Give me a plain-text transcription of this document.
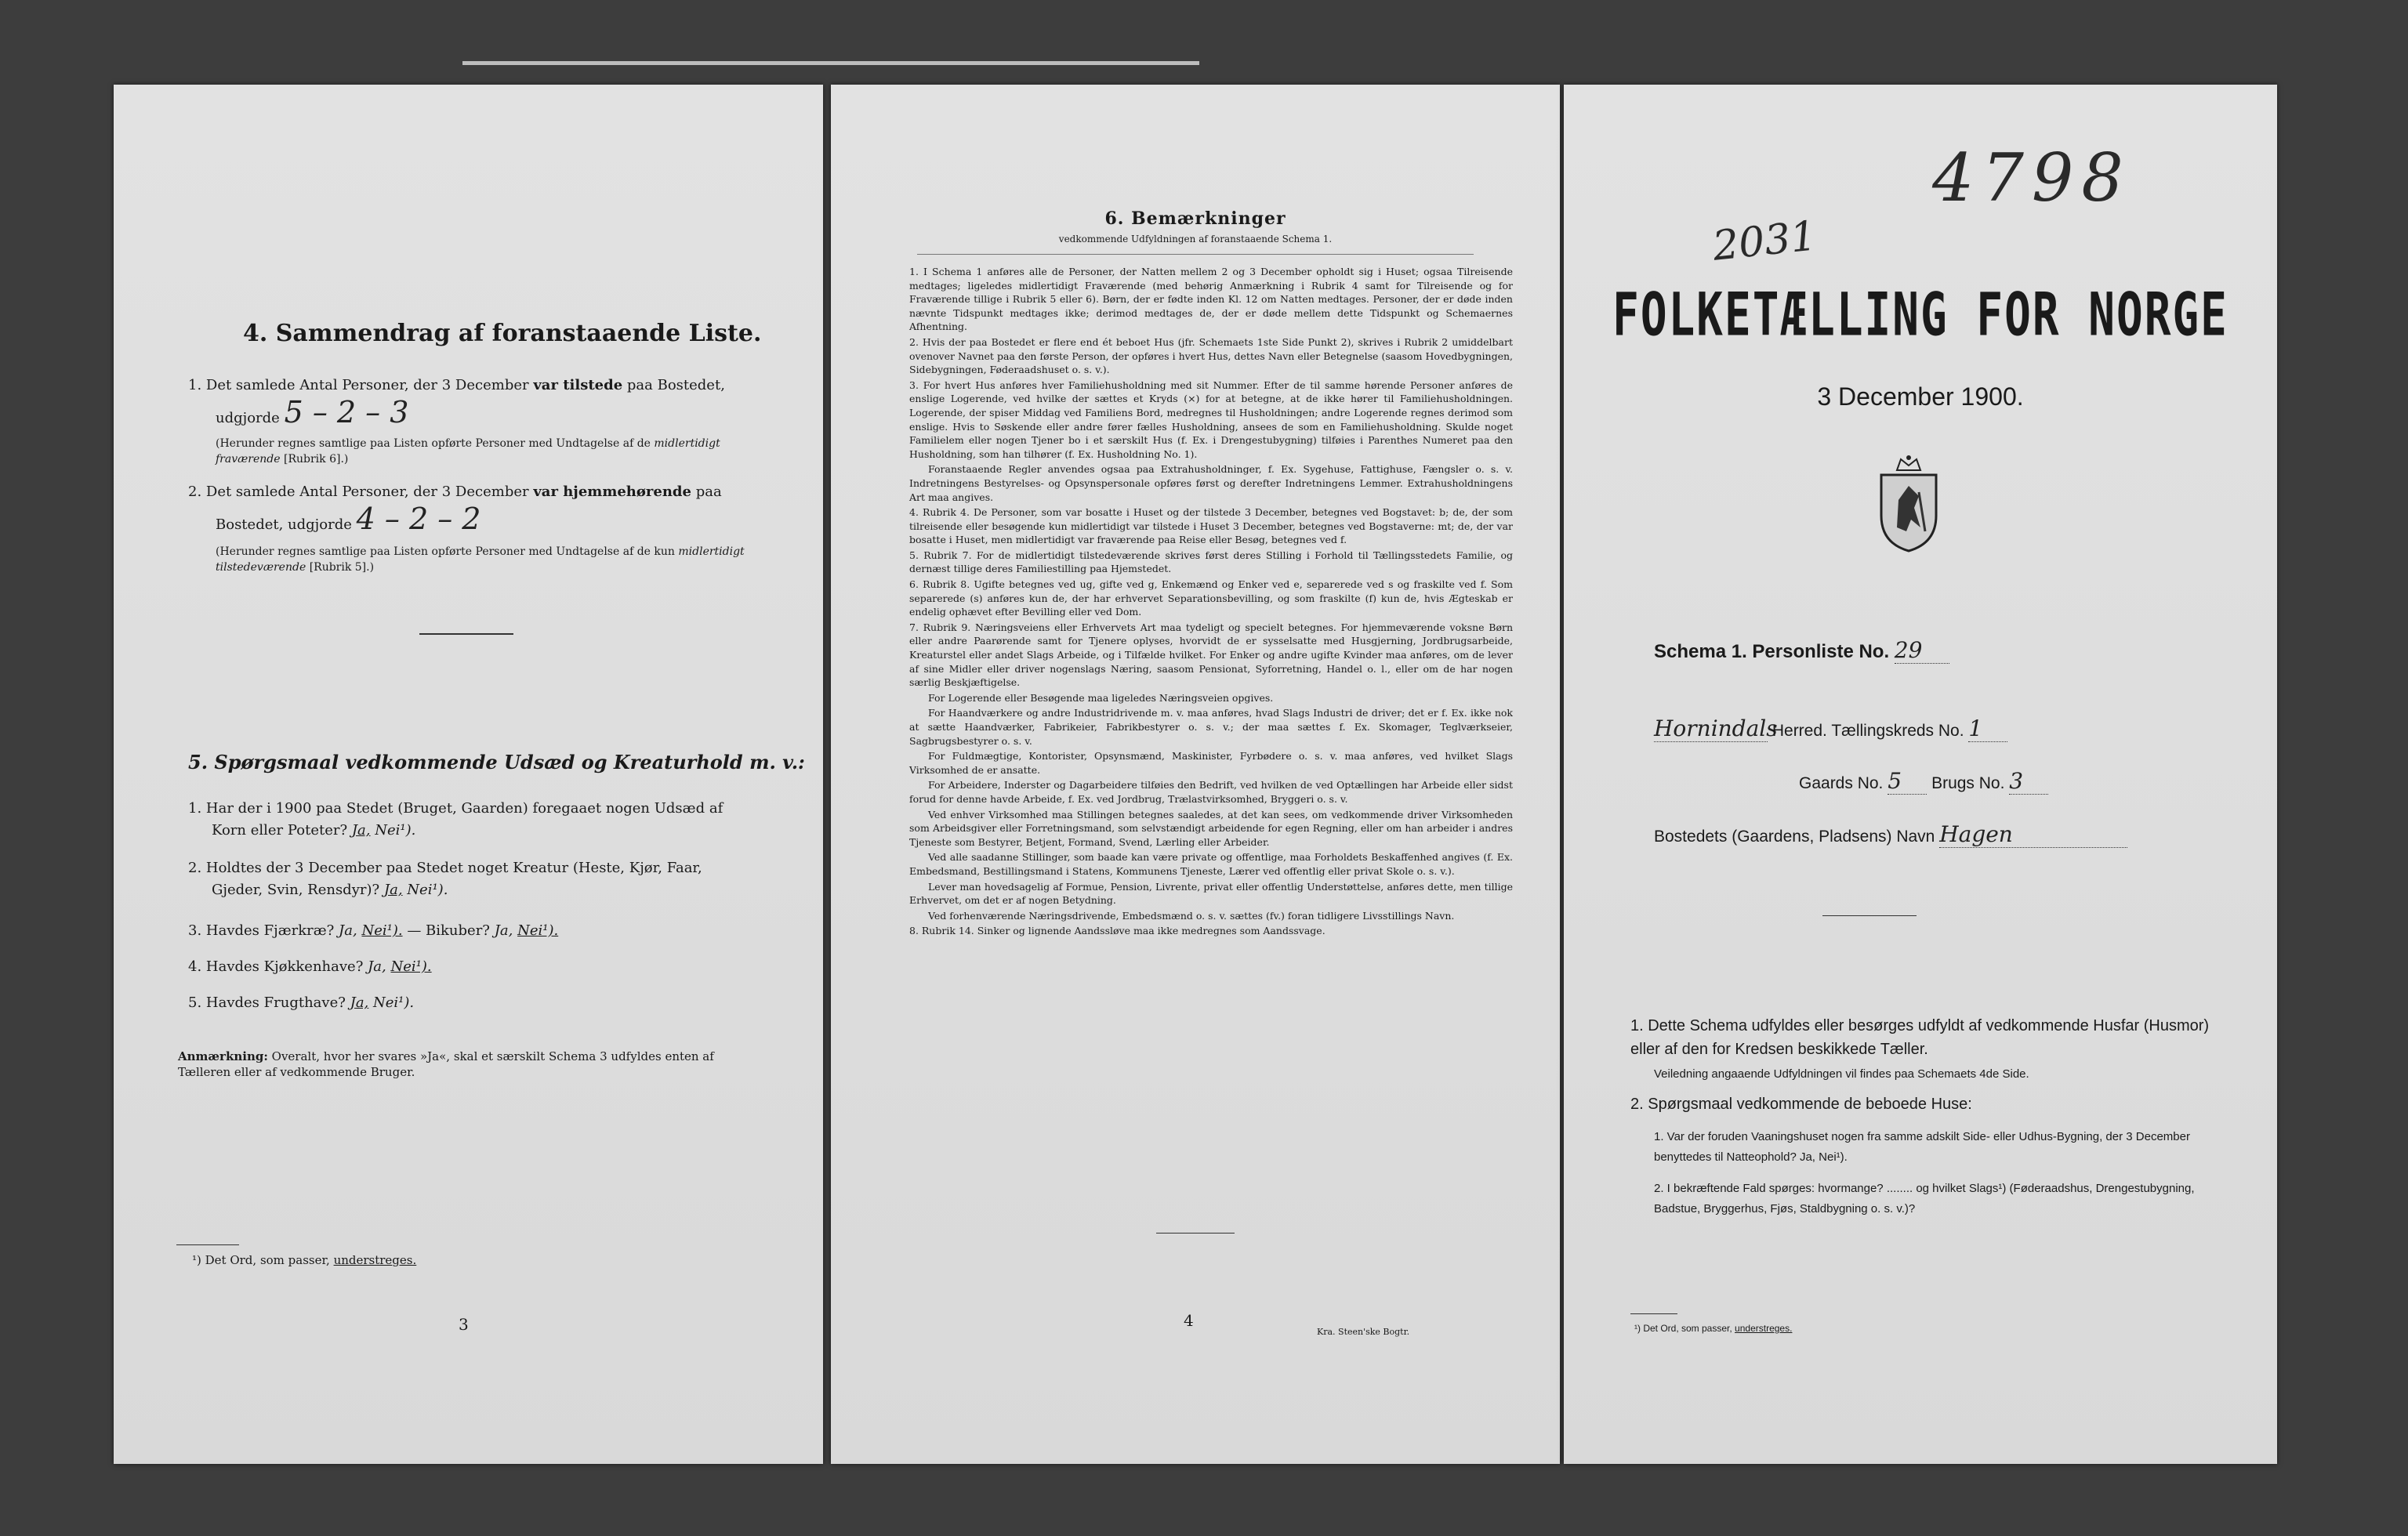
4. Sammendrag af foranstaaende Liste.
1. Det samlede Antal Personer, der 3 December var tilstede paa Bostedet,
udgjorde 5 – 2 – 3
(Herunder regnes samtlige paa Listen opførte Personer med Undtagelse af de midlertidigt fraværende [Rubrik 6].)
2. Det samlede Antal Personer, der 3 December var hjemmehørende paa
Bostedet, udgjorde 4 – 2 – 2
(Herunder regnes samtlige paa Listen opførte Personer med Undtagelse af de kun midlertidigt tilstedeværende [Rubrik 5].)
5. Spørgsmaal vedkommende Udsæd og Kreaturhold m. v.:
1. Har der i 1900 paa Stedet (Bruget, Gaarden) foregaaet nogen Udsæd af
Korn eller Poteter? Ja, Nei¹).
2. Holdtes der 3 December paa Stedet noget Kreatur (Heste, Kjør, Faar,
Gjeder, Svin, Rensdyr)? Ja, Nei¹).
3. Havdes Fjærkræ? Ja, Nei¹). — Bikuber? Ja, Nei¹).
4. Havdes Kjøkkenhave? Ja, Nei¹).
5. Havdes Frugthave? Ja, Nei¹).
Anmærkning: Overalt, hvor her svares »Ja«, skal et særskilt Schema 3 udfyldes enten af
Tælleren eller af vedkommende Bruger.
¹) Det Ord, som passer, understreges.
3
6. Bemærkninger
vedkommende Udfyldningen af foranstaaende Schema 1.

1. I Schema 1 anføres alle de Personer, der Natten mellem 2 og 3 December opholdt sig i Huset; ogsaa Tilreisende medtages; ligeledes midlertidigt Fraværende (med behørig Anmærkning i Rubrik 4 samt for Tilreisende og for Fraværende tillige i Rubrik 5 eller 6). Børn, der er fødte inden Kl. 12 om Natten medtages. Personer, der er døde inden nævnte Tidspunkt medtages ikke; derimod medtages de, der er døde mellem dette Tidspunkt og Schemaernes Afhentning.

2. Hvis der paa Bostedet er flere end ét beboet Hus (jfr. Schemaets 1ste Side Punkt 2), skrives i Rubrik 2 umiddelbart ovenover Navnet paa den første Person, der opføres i hvert Hus, dettes Navn eller Betegnelse (saasom Hovedbygningen, Sidebygningen, Føderaadshuset o. s. v.).

3. For hvert Hus anføres hver Familiehusholdning med sit Nummer. Efter de til samme hørende Personer anføres de enslige Logerende, ved hvilke der sættes et Kryds (×) for at betegne, at de ikke hører til Familiehusholdningen. Logerende, der spiser Middag ved Familiens Bord, medregnes til Husholdningen; andre Logerende regnes derimod som enslige. Hvis to Søskende eller andre fører fælles Husholdning, ansees de som en Familiehusholdning. Skulde noget Familielem eller nogen Tjener bo i et særskilt Hus (f. Ex. i Drengestubygning) tilføies i Parenthes Numeret paa den Husholdning, som han tilhører (f. Ex. Husholdning No. 1).

Foranstaaende Regler anvendes ogsaa paa Extrahusholdninger, f. Ex. Sygehuse, Fattighuse, Fængsler o. s. v. Indretningens Bestyrelses- og Opsynspersonale opføres først og derefter Indretningens Lemmer. Extrahusholdningens Art maa angives.

4. Rubrik 4. De Personer, som var bosatte i Huset og der tilstede 3 December, betegnes ved Bogstavet: b; de, der som tilreisende eller besøgende kun midlertidigt var tilstede i Huset 3 December, betegnes ved Bogstaverne: mt; de, der var bosatte i Huset, men midlertidigt var fraværende paa Reise eller Besøg, betegnes ved f.

5. Rubrik 7. For de midlertidigt tilstedeværende skrives først deres Stilling i Forhold til Tællingsstedets Familie, og dernæst tillige deres Familiestilling paa Hjemstedet.

6. Rubrik 8. Ugifte betegnes ved ug, gifte ved g, Enkemænd og Enker ved e, separerede ved s og fraskilte ved f. Som separerede (s) anføres kun de, der har erhvervet Separationsbevilling, og som fraskilte (f) kun de, hvis Ægteskab er endelig ophævet efter Bevilling eller ved Dom.

7. Rubrik 9. Næringsveiens eller Erhvervets Art maa tydeligt og specielt betegnes. For hjemmeværende voksne Børn eller andre Paarørende samt for Tjenere oplyses, hvorvidt de er sysselsatte med Husgjerning, Jordbrugsarbeide, Kreaturstel eller andet Slags Arbeide, og i Tilfælde hvilket. For Enker og andre ugifte Kvinder maa anføres, om de lever af sine Midler eller driver nogenslags Næring, saasom Pensionat, Syforretning, Handel o. l., eller om de har nogen særlig Beskjæftigelse.

For Logerende eller Besøgende maa ligeledes Næringsveien opgives.

For Haandværkere og andre Industridrivende m. v. maa anføres, hvad Slags Industri de driver; det er f. Ex. ikke nok at sætte Haandværker, Fabrikeier, Fabrikbestyrer o. s. v.; der maa sættes f. Ex. Skomager, Teglværkseier, Sagbrugsbestyrer o. s. v.

For Fuldmægtige, Kontorister, Opsynsmænd, Maskinister, Fyrbødere o. s. v. maa anføres, ved hvilket Slags Virksomhed de er ansatte.

For Arbeidere, Inderster og Dagarbeidere tilføies den Bedrift, ved hvilken de ved Optællingen har Arbeide eller sidst forud for denne havde Arbeide, f. Ex. ved Jordbrug, Trælastvirksomhed, Bryggeri o. s. v.

Ved enhver Virksomhed maa Stillingen betegnes saaledes, at det kan sees, om vedkommende driver Virksomheden som Arbeidsgiver eller Forretningsmand, som selvstændigt arbeidende for egen Regning, eller om han arbeider i andres Tjeneste som Bestyrer, Betjent, Formand, Svend, Lærling eller Arbeider.

Ved alle saadanne Stillinger, som baade kan være private og offentlige, maa Forholdets Beskaffenhed angives (f. Ex. Embedsmand, Bestillingsmand i Statens, Kommunens Tjeneste, Lærer ved offentlig eller privat Skole o. s. v.).

Lever man hovedsagelig af Formue, Pension, Livrente, privat eller offentlig Understøttelse, anføres dette, men tillige Erhvervet, om det er af nogen Betydning.

Ved forhenværende Næringsdrivende, Embedsmænd o. s. v. sættes (fv.) foran tidligere Livsstillings Navn.

8. Rubrik 14. Sinker og lignende Aandssløve maa ikke medregnes som Aandssvage.

4
Kra. Steen'ske Bogtr.
2031
4798
FOLKETÆLLING FOR NORGE
3 December 1900.
Schema 1. Personliste No. 29
Hornindals Herred. Tællingskreds No. 1
Gaards No. 5 Brugs No. 3
Bostedets (Gaardens, Pladsens) Navn Hagen
1. Dette Schema udfyldes eller besørges udfyldt af vedkommende Husfar (Husmor) eller af den for Kredsen beskikkede Tæller.
Veiledning angaaende Udfyldningen vil findes paa Schemaets 4de Side.
2. Spørgsmaal vedkommende de beboede Huse:
1. Var der foruden Vaaningshuset nogen fra samme adskilt Side- eller Udhus-Bygning, der 3 December benyttedes til Natteophold? Ja, Nei¹).
2. I bekræftende Fald spørges: hvormange? ........ og hvilket Slags¹) (Føderaadshus, Drengestubygning, Badstue, Bryggerhus, Fjøs, Staldbygning o. s. v.)?
¹) Det Ord, som passer, understreges.
